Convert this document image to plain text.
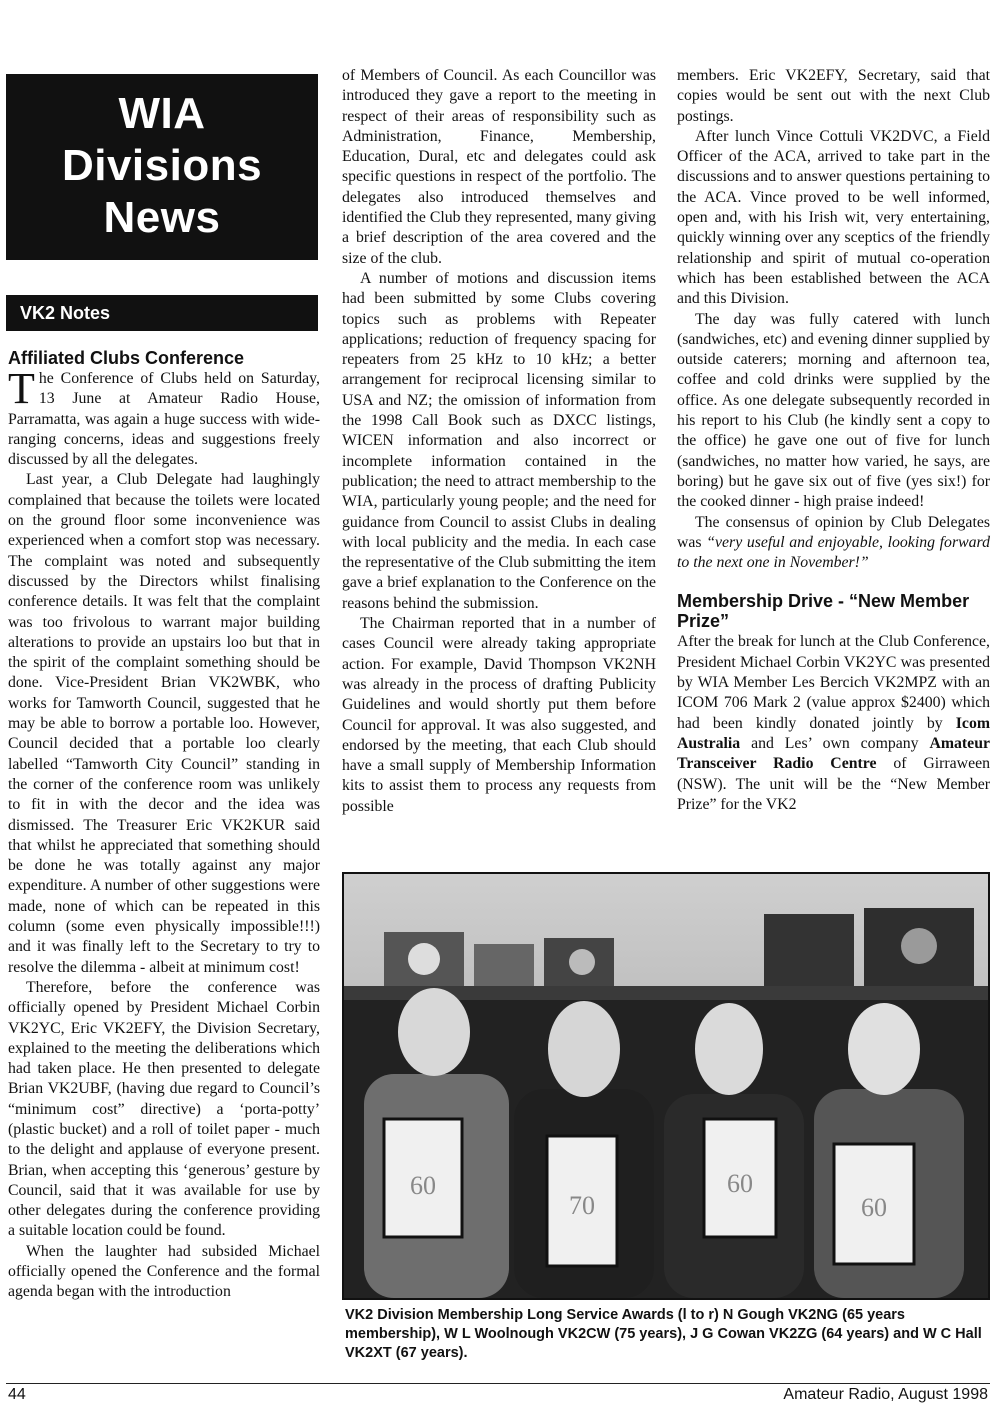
WIA
Divisions
News
VK2 Notes
Affiliated Clubs Conference

The Conference of Clubs held on Saturday, 13 June at Amateur Radio House, Parramatta, was again a huge success with wide-ranging concerns, ideas and suggestions freely discussed by all the delegates.

Last year, a Club Delegate had laughingly complained that because the toilets were located on the ground floor some inconvenience was experienced when a comfort stop was necessary. The complaint was noted and subsequently discussed by the Directors whilst finalising conference details. It was felt that the complaint was too frivolous to warrant major building alterations to provide an upstairs loo but that in the spirit of the complaint something should be done. Vice-President Brian VK2WBK, who works for Tamworth Council, suggested that he may be able to borrow a portable loo. However, Council decided that a portable loo clearly labelled “Tamworth City Council” standing in the corner of the conference room was unlikely to fit in with the decor and the idea was dismissed. The Treasurer Eric VK2KUR said that whilst he appreciated that something should be done he was totally against any major expenditure. A number of other suggestions were made, none of which can be repeated in this column (some even physically impossible!!!) and it was finally left to the Secretary to try to resolve the dilemma - albeit at minimum cost!

Therefore, before the conference was officially opened by President Michael Corbin VK2YC, Eric VK2EFY, the Division Secretary, explained to the meeting the deliberations which had taken place. He then presented to delegate Brian VK2UBF, (having due regard to Council’s “minimum cost” directive) a ‘porta-potty’ (plastic bucket) and a roll of toilet paper - much to the delight and applause of everyone present. Brian, when accepting this ‘generous’ gesture by Council, said that it was available for use by other delegates during the conference providing a suitable location could be found.

When the laughter had subsided Michael officially opened the Conference and the formal agenda began with the introduction

of Members of Council. As each Councillor was introduced they gave a report to the meeting in respect of their areas of responsibility such as Administration, Finance, Membership, Education, Dural, etc and delegates could ask specific questions in respect of the portfolio. The delegates also introduced themselves and identified the Club they represented, many giving a brief description of the area covered and the size of the club.

A number of motions and discussion items had been submitted by some Clubs covering topics such as problems with Repeater applications; reduction of frequency spacing for repeaters from 25 kHz to 10 kHz; a better arrangement for reciprocal licensing similar to USA and NZ; the omission of information from the 1998 Call Book such as DXCC listings, WICEN information and also incorrect or incomplete information contained in the publication; the need to attract membership to the WIA, particularly young people; and the need for guidance from Council to assist Clubs in dealing with local publicity and the media. In each case the representative of the Club submitting the item gave a brief explanation to the Conference on the reasons behind the submission.

The Chairman reported that in a number of cases Council were already taking appropriate action. For example, David Thompson VK2NH was already in the process of drafting Publicity Guidelines and would shortly put them before Council for approval. It was also suggested, and endorsed by the meeting, that each Club should have a small supply of Membership Information kits to assist them to process any requests from possible

members. Eric VK2EFY, Secretary, said that copies would be sent out with the next Club postings.

After lunch Vince Cottuli VK2DVC, a Field Officer of the ACA, arrived to take part in the discussions and to answer questions pertaining to the ACA. Vince proved to be well informed, open and, with his Irish wit, very entertaining, quickly winning over any sceptics of the friendly relationship and spirit of mutual co-operation which has been established between the ACA and this Division.

The day was fully catered with lunch (sandwiches, etc) and evening dinner supplied by outside caterers; morning and afternoon tea, coffee and cold drinks were supplied by the office. As one delegate subsequently recorded in his report to his Club (he kindly sent a copy to the office) he gave one out of five for lunch (sandwiches, no matter how varied, he says, are boring) but he gave six out of five (yes six!) for the cooked dinner - high praise indeed!

The consensus of opinion by Club Delegates was “very useful and enjoyable, looking forward to the next one in November!”

Membership Drive - “New Member Prize”

After the break for lunch at the Club Conference, President Michael Corbin VK2YC was presented by WIA Member Les Bercich VK2MPZ with an ICOM 706 Mark 2 (value approx $2400) which had been kindly donated jointly by Icom Australia and Les’ own company Amateur Transceiver Radio Centre of Girraween (NSW). The unit will be the “New Member Prize” for the VK2

60
70
60
60
VK2 Division Membership Long Service Awards (l to r) N Gough VK2NG (65 years membership), W L Woolnough VK2CW (75 years), J G Cowan VK2ZG (64 years) and W C Hall VK2XT (67 years).
44	Amateur Radio, August 1998
